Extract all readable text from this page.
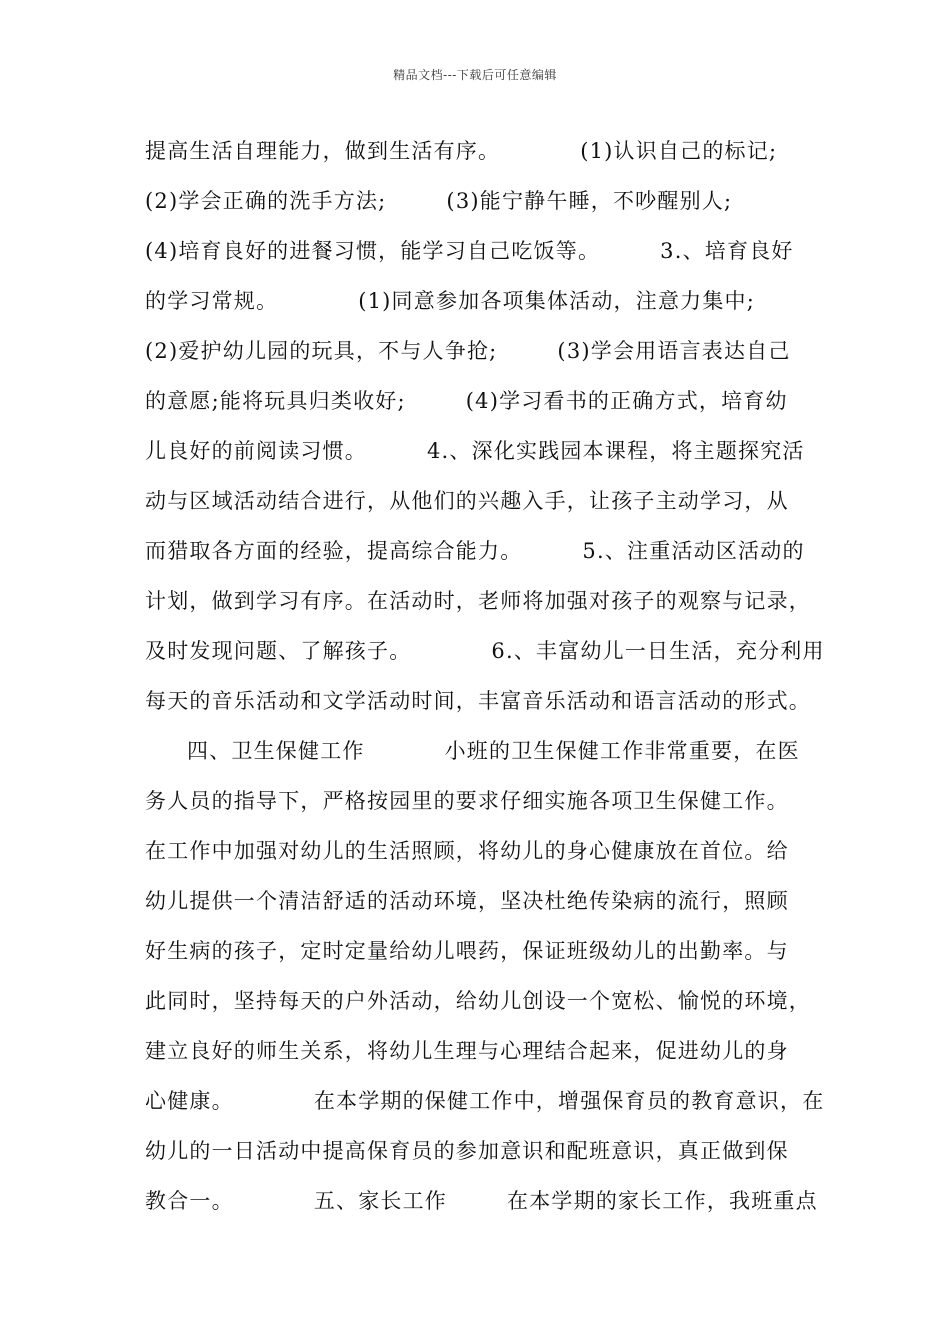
精品文档---下载后可任意编辑
提高生活自理能力，做到生活有序。	(1)认识自己的标记;
(2)学会正确的洗手方法;	(3)能宁静午睡，不吵醒别人;
(4)培育良好的进餐习惯，能学习自己吃饭等。	3.、培育良好
的学习常规。	(1)同意参加各项集体活动，注意力集中;
(2)爱护幼儿园的玩具，不与人争抢;	(3)学会用语言表达自己
的意愿;能将玩具归类收好;	(4)学习看书的正确方式，培育幼
儿良好的前阅读习惯。	4.、深化实践园本课程，将主题探究活
动与区域活动结合进行，从他们的兴趣入手，让孩子主动学习，从
而猎取各方面的经验，提高综合能力。	5.、注重活动区活动的
计划，做到学习有序。在活动时，老师将加强对孩子的观察与记录，
及时发现问题、了解孩子。	6.、丰富幼儿一日生活，充分利用
每天的音乐活动和文学活动时间，丰富音乐活动和语言活动的形式。
四、卫生保健工作	小班的卫生保健工作非常重要，在医
务人员的指导下，严格按园里的要求仔细实施各项卫生保健工作。
在工作中加强对幼儿的生活照顾，将幼儿的身心健康放在首位。给
幼儿提供一个清洁舒适的活动环境，坚决杜绝传染病的流行，照顾
好生病的孩子，定时定量给幼儿喂药，保证班级幼儿的出勤率。与
此同时，坚持每天的户外活动，给幼儿创设一个宽松、愉悦的环境，
建立良好的师生关系，将幼儿生理与心理结合起来，促进幼儿的身
心健康。	在本学期的保健工作中，增强保育员的教育意识，在
幼儿的一日活动中提高保育员的参加意识和配班意识，真正做到保
教合一。	五、家长工作	在本学期的家长工作，我班重点
